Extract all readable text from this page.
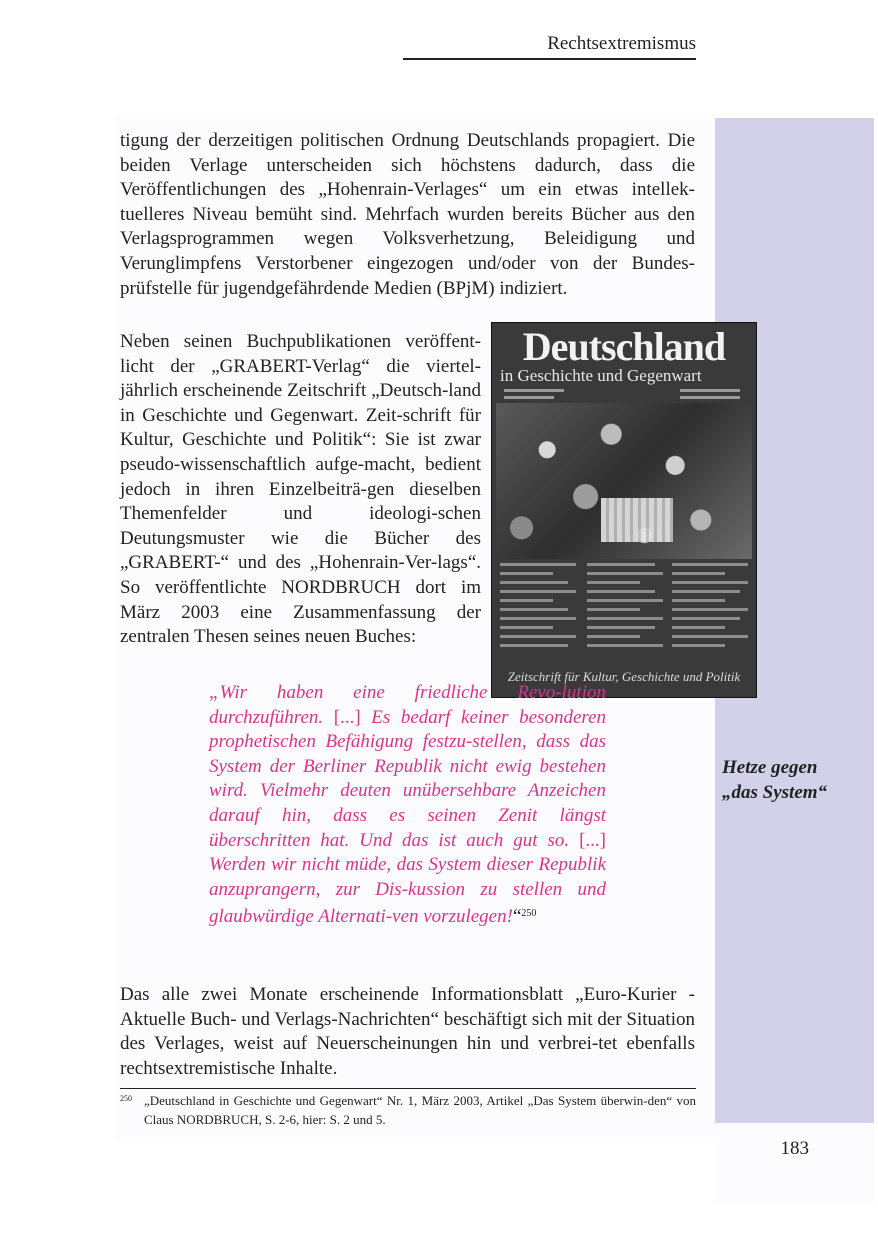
Rechtsextremismus

tigung der derzeitigen politischen Ordnung Deutschlands propagiert. Die beiden Verlage unterscheiden sich höchstens dadurch, dass die Veröffentlichungen des „Hohenrain-Verlages“ um ein etwas intellek-tuelleres Niveau bemüht sind. Mehrfach wurden bereits Bücher aus den Verlagsprogrammen wegen Volksverhetzung, Beleidigung und Verunglimpfens Verstorbener eingezogen und/oder von der Bundes-prüfstelle für jugendgefährdende Medien (BPjM) indiziert.

Neben seinen Buchpublikationen veröffent-licht der „GRABERT-Verlag“ die viertel-jährlich erscheinende Zeitschrift „Deutsch-land in Geschichte und Gegenwart. Zeit-schrift für Kultur, Geschichte und Politik“: Sie ist zwar pseudo-wissenschaftlich aufge-macht, bedient jedoch in ihren Einzelbeiträ-gen dieselben Themenfelder und ideologi-schen Deutungsmuster wie die Bücher des „GRABERT-“ und des „Hohenrain-Ver-lags“. So veröffentlichte NORDBRUCH dort im März 2003 eine Zusammenfassung der zentralen Thesen seines neuen Buches:

Deutschland
in Geschichte und Gegenwart
Zeitschrift für Kultur, Geschichte und Politik

„Wir haben eine friedliche Revo-lution durchzuführen. [...] Es bedarf keiner besonderen prophetischen Befähigung festzu-stellen, dass das System der Berliner Republik nicht ewig bestehen wird. Vielmehr deuten unübersehbare Anzeichen darauf hin, dass es seinen Zenit längst überschritten hat. Und das ist auch gut so. [...] Werden wir nicht müde, das System dieser Republik anzuprangern, zur Dis-kussion zu stellen und glaubwürdige Alternati-ven vorzulegen!“$^{250}$

Hetze gegen
„das System“

Das alle zwei Monate erscheinende Informationsblatt „Euro-Kurier - Aktuelle Buch- und Verlags-Nachrichten“ beschäftigt sich mit der Situation des Verlages, weist auf Neuerscheinungen hin und verbrei-tet ebenfalls rechtsextremistische Inhalte.

250 „Deutschland in Geschichte und Gegenwart“ Nr. 1, März 2003, Artikel „Das System überwin-den“ von Claus NORDBRUCH, S. 2-6, hier: S. 2 und 5.
183
